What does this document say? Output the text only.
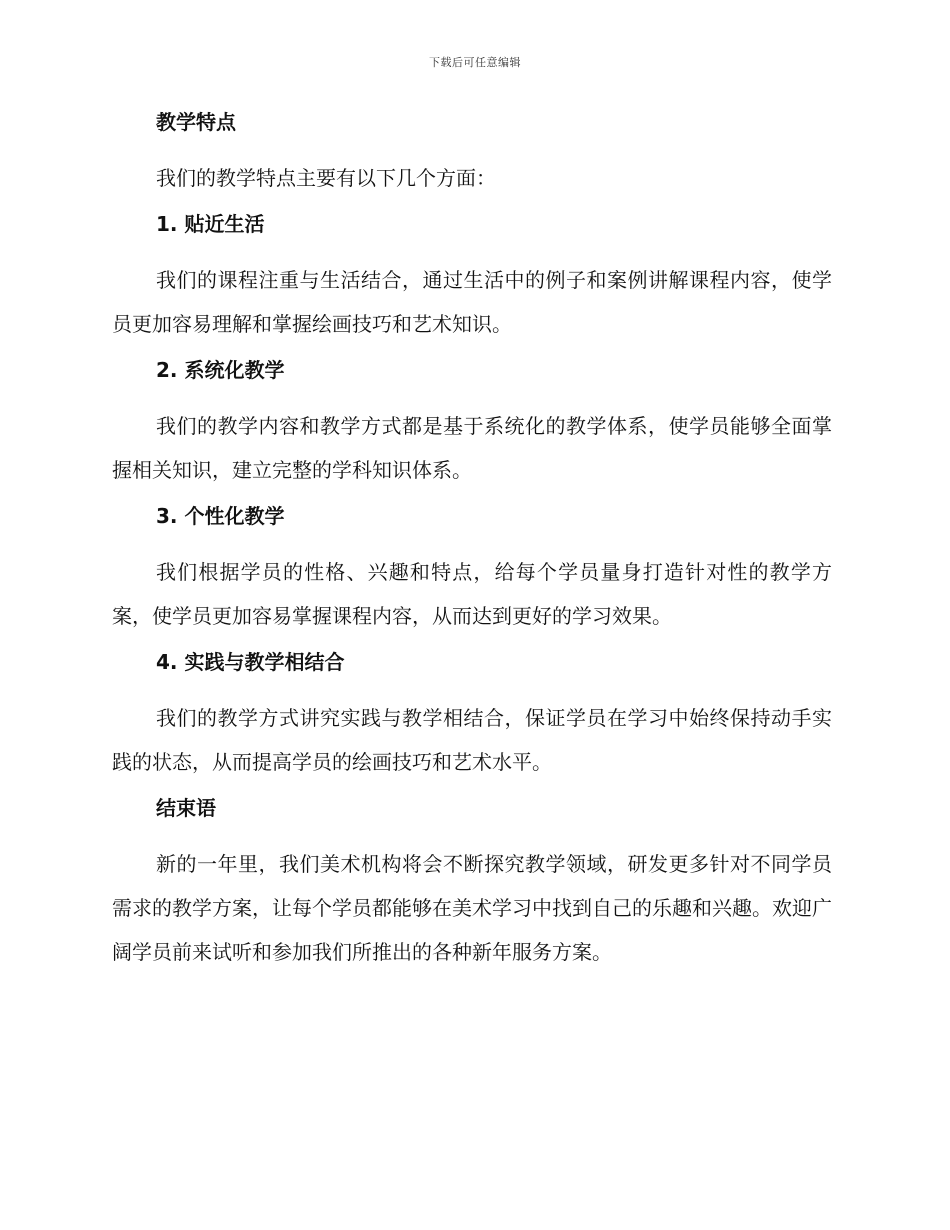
下载后可任意编辑
教学特点

我们的教学特点主要有以下几个方面：

1. 贴近生活

我们的课程注重与生活结合，通过生活中的例子和案例讲解课程内容，使学员更加容易理解和掌握绘画技巧和艺术知识。

2. 系统化教学

我们的教学内容和教学方式都是基于系统化的教学体系，使学员能够全面掌握相关知识，建立完整的学科知识体系。

3. 个性化教学

我们根据学员的性格、兴趣和特点，给每个学员量身打造针对性的教学方案，使学员更加容易掌握课程内容，从而达到更好的学习效果。

4. 实践与教学相结合

我们的教学方式讲究实践与教学相结合，保证学员在学习中始终保持动手实践的状态，从而提高学员的绘画技巧和艺术水平。

结束语

新的一年里，我们美术机构将会不断探究教学领域，研发更多针对不同学员需求的教学方案，让每个学员都能够在美术学习中找到自己的乐趣和兴趣。欢迎广阔学员前来试听和参加我们所推出的各种新年服务方案。
